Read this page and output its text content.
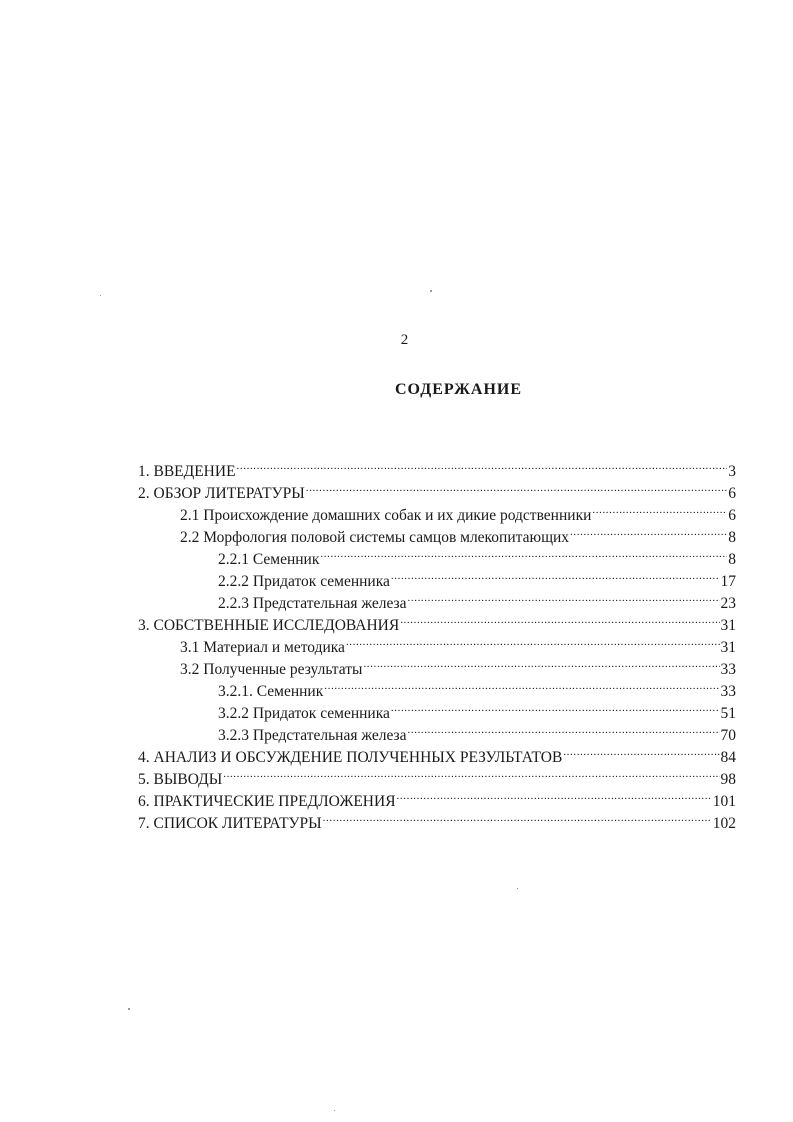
2
СОДЕРЖАНИЕ
1. ВВЕДЕНИЕ .....	3
2. ОБЗОР ЛИТЕРАТУРЫ .....	6
2.1 Происхождение домашних собак и их дикие родственники .....	6
2.2 Морфология половой системы самцов млекопитающих .....	8
2.2.1 Семенник .....	8
2.2.2 Придаток семенника .....	17
2.2.3 Предстательная железа .....	23
3. СОБСТВЕННЫЕ ИССЛЕДОВАНИЯ .....	31
3.1 Материал и методика .....	31
3.2 Полученные результаты .....	33
3.2.1. Семенник .....	33
3.2.2 Придаток семенника .....	51
3.2.3 Предстательная железа .....	70
4. АНАЛИЗ И ОБСУЖДЕНИЕ ПОЛУЧЕННЫХ РЕЗУЛЬТАТОВ .....	84
5. ВЫВОДЫ .....	98
6. ПРАКТИЧЕСКИЕ ПРЕДЛОЖЕНИЯ .....	101
7. СПИСОК ЛИТЕРАТУРЫ .....	102
